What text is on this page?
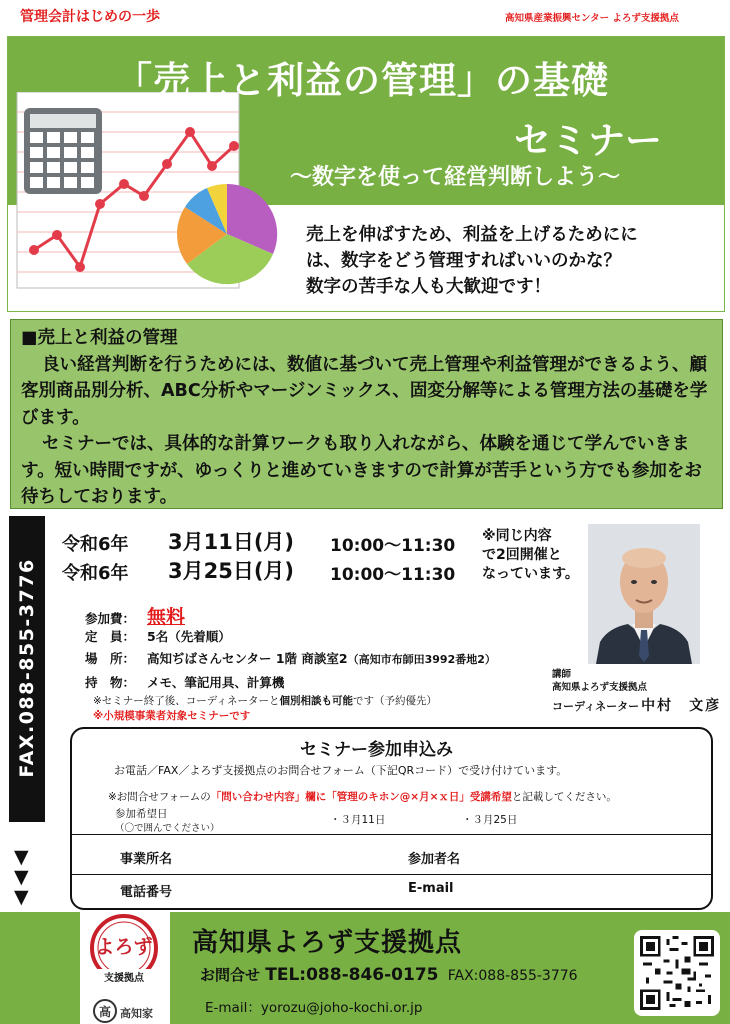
管理会計はじめの一歩	高知県産業振興センター よろず支援拠点
「売上と利益の管理」の基礎
セミナー
～数字を使って経営判断しよう～
売上を伸ばすため、利益を上げるためにに
は、数字をどう管理すればいいのかな？
数字の苦手な人も大歓迎です！

■売上と利益の管理

良い経営判断を行うためには、数値に基づいて売上管理や利益管理ができるよう、顧客別商品別分析、ABC分析やマージンミックス、固変分解等による管理方法の基礎を学びます。

セミナーでは、具体的な計算ワークも取り入れながら、体験を通じて学んでいきます。短い時間ですが、ゆっくりと進めていきますので計算が苦手という方でも参加をお待ちしております。

FAX.088-855-3776
▼
▼
▼
令和6年 3月11日(月) 10:00～11:30
令和6年 3月25日(月) 10:00～11:30
※同じ内容
で2回開催と
なっています。
参加費： 無料
定　員： 5名（先着順）
場　所： 高知ぢばさんセンター 1階 商談室2（高知市布師田3992番地2）
持　物： メモ、筆記用具、計算機
※セミナー終了後、コーディネーターと個別相談も可能です（予約優先）
※小規模事業者対象セミナーです
講師
高知県よろず支援拠点
コーディネーター 中村　文彦
セミナー参加申込み
お電話／FAX／よろず支援拠点のお問合せフォーム（下記QRコード）で受け付けています。
※お問合せフォームの「問い合わせ内容」欄に「管理のキホン@×月×ｘ日」受講希望と記載してください。
参加希望日
（〇で囲んでください）
・３月11日	・３月25日
事業所名	参加者名
電話番号	E-mail
よろず
支援拠点
高 高知家
高知県よろず支援拠点
お問合せ TEL:088-846-0175 FAX:088-855-3776
E-mail：yorozu@joho-kochi.or.jp
